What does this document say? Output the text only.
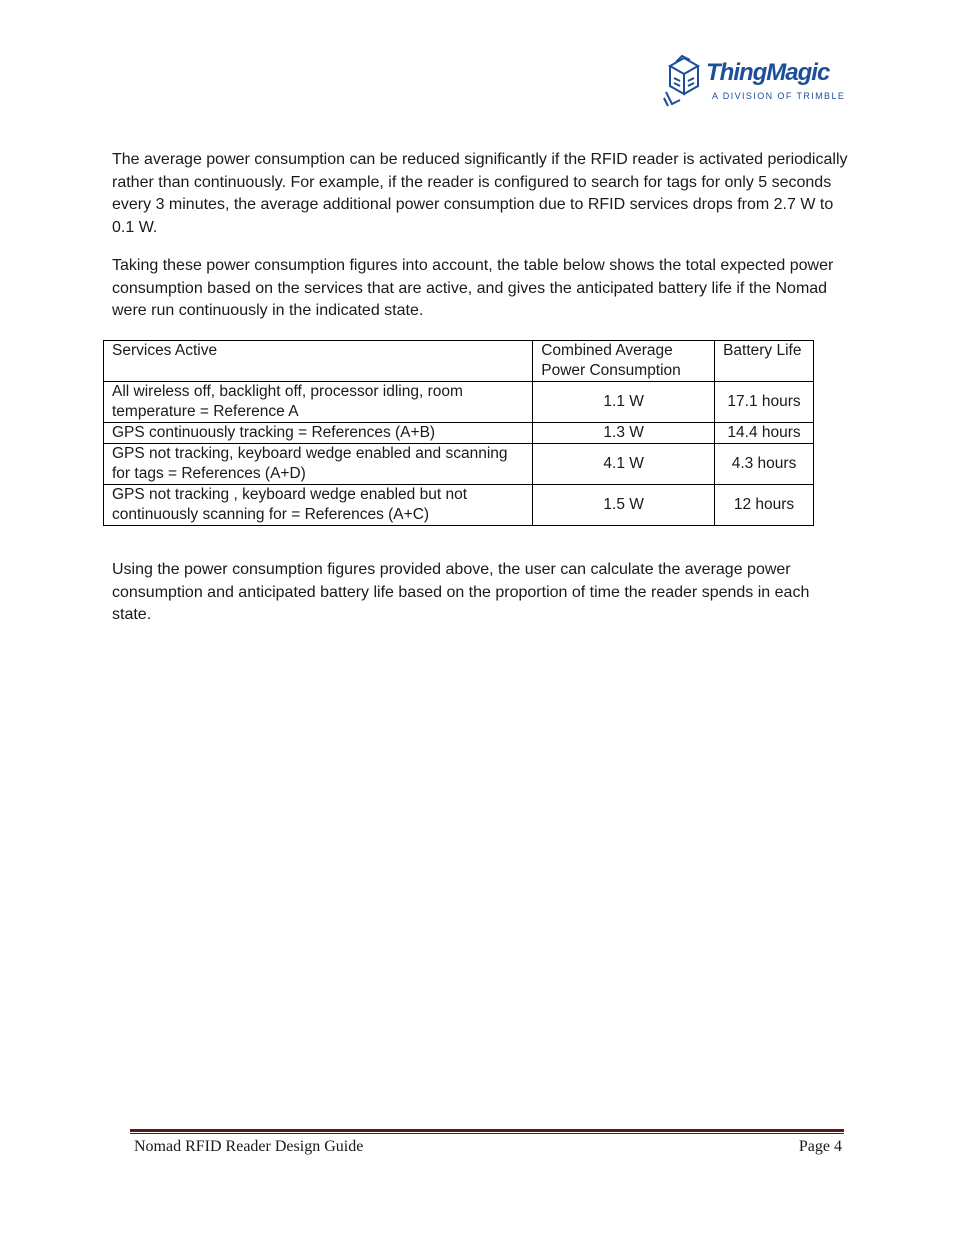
ThingMagic
A DIVISION OF TRIMBLE

The average power consumption can be reduced significantly if the RFID reader is activated periodically rather than continuously. For example, if the reader is configured to search for tags for only 5 seconds every 3 minutes, the average additional power consumption due to RFID services drops from 2.7 W to 0.1 W.

Taking these power consumption figures into account, the table below shows the total expected power consumption based on the services that are active, and gives the anticipated battery life if the Nomad were run continuously in the indicated state.

Services Active	Combined Average Power Consumption	Battery Life
All wireless off, backlight off, processor idling, room temperature = Reference A	1.1 W	17.1 hours
GPS continuously tracking = References (A+B)	1.3 W	14.4 hours
GPS not tracking, keyboard wedge enabled and scanning for tags = References (A+D)	4.1 W	4.3 hours
GPS not tracking , keyboard wedge enabled but not continuously scanning for = References (A+C)	1.5 W	12 hours

Using the power consumption figures provided above, the user can calculate the average power consumption and anticipated battery life based on the proportion of time the reader spends in each state.

Nomad RFID Reader Design Guide	Page 4
